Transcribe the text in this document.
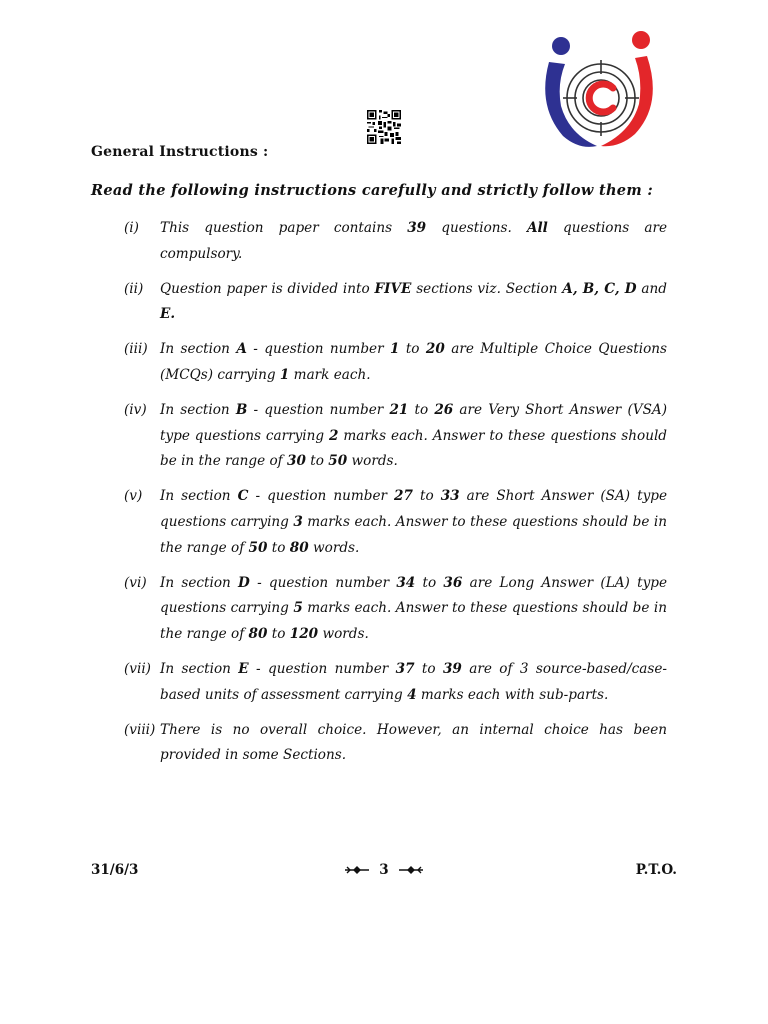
General Instructions :
Read the following instructions carefully and strictly follow them :
(i)	This question paper contains 39 questions. All questions are compulsory.
(ii)	Question paper is divided into FIVE sections viz. Section A, B, C, D and E.
(iii) In section A - question number 1 to 20 are Multiple Choice Questions (MCQs) carrying 1 mark each.
(iv) In section B - question number 21 to 26 are Very Short Answer (VSA) type questions carrying 2 marks each. Answer to these questions should be in the range of 30 to 50 words.
(v)	In section C - question number 27 to 33 are Short Answer (SA) type questions carrying 3 marks each. Answer to these questions should be in the range of 50 to 80 words.
(vi) In section D - question number 34 to 36 are Long Answer (LA) type questions carrying 5 marks each. Answer to these questions should be in the range of 80 to 120 words.
(vii) In section E - question number 37 to 39 are of 3 source-based/case-based units of assessment carrying 4 marks each with sub-parts.
(viii) There is no overall choice. However, an internal choice has been provided in some Sections.
31/6/3	3	P.T.O.
